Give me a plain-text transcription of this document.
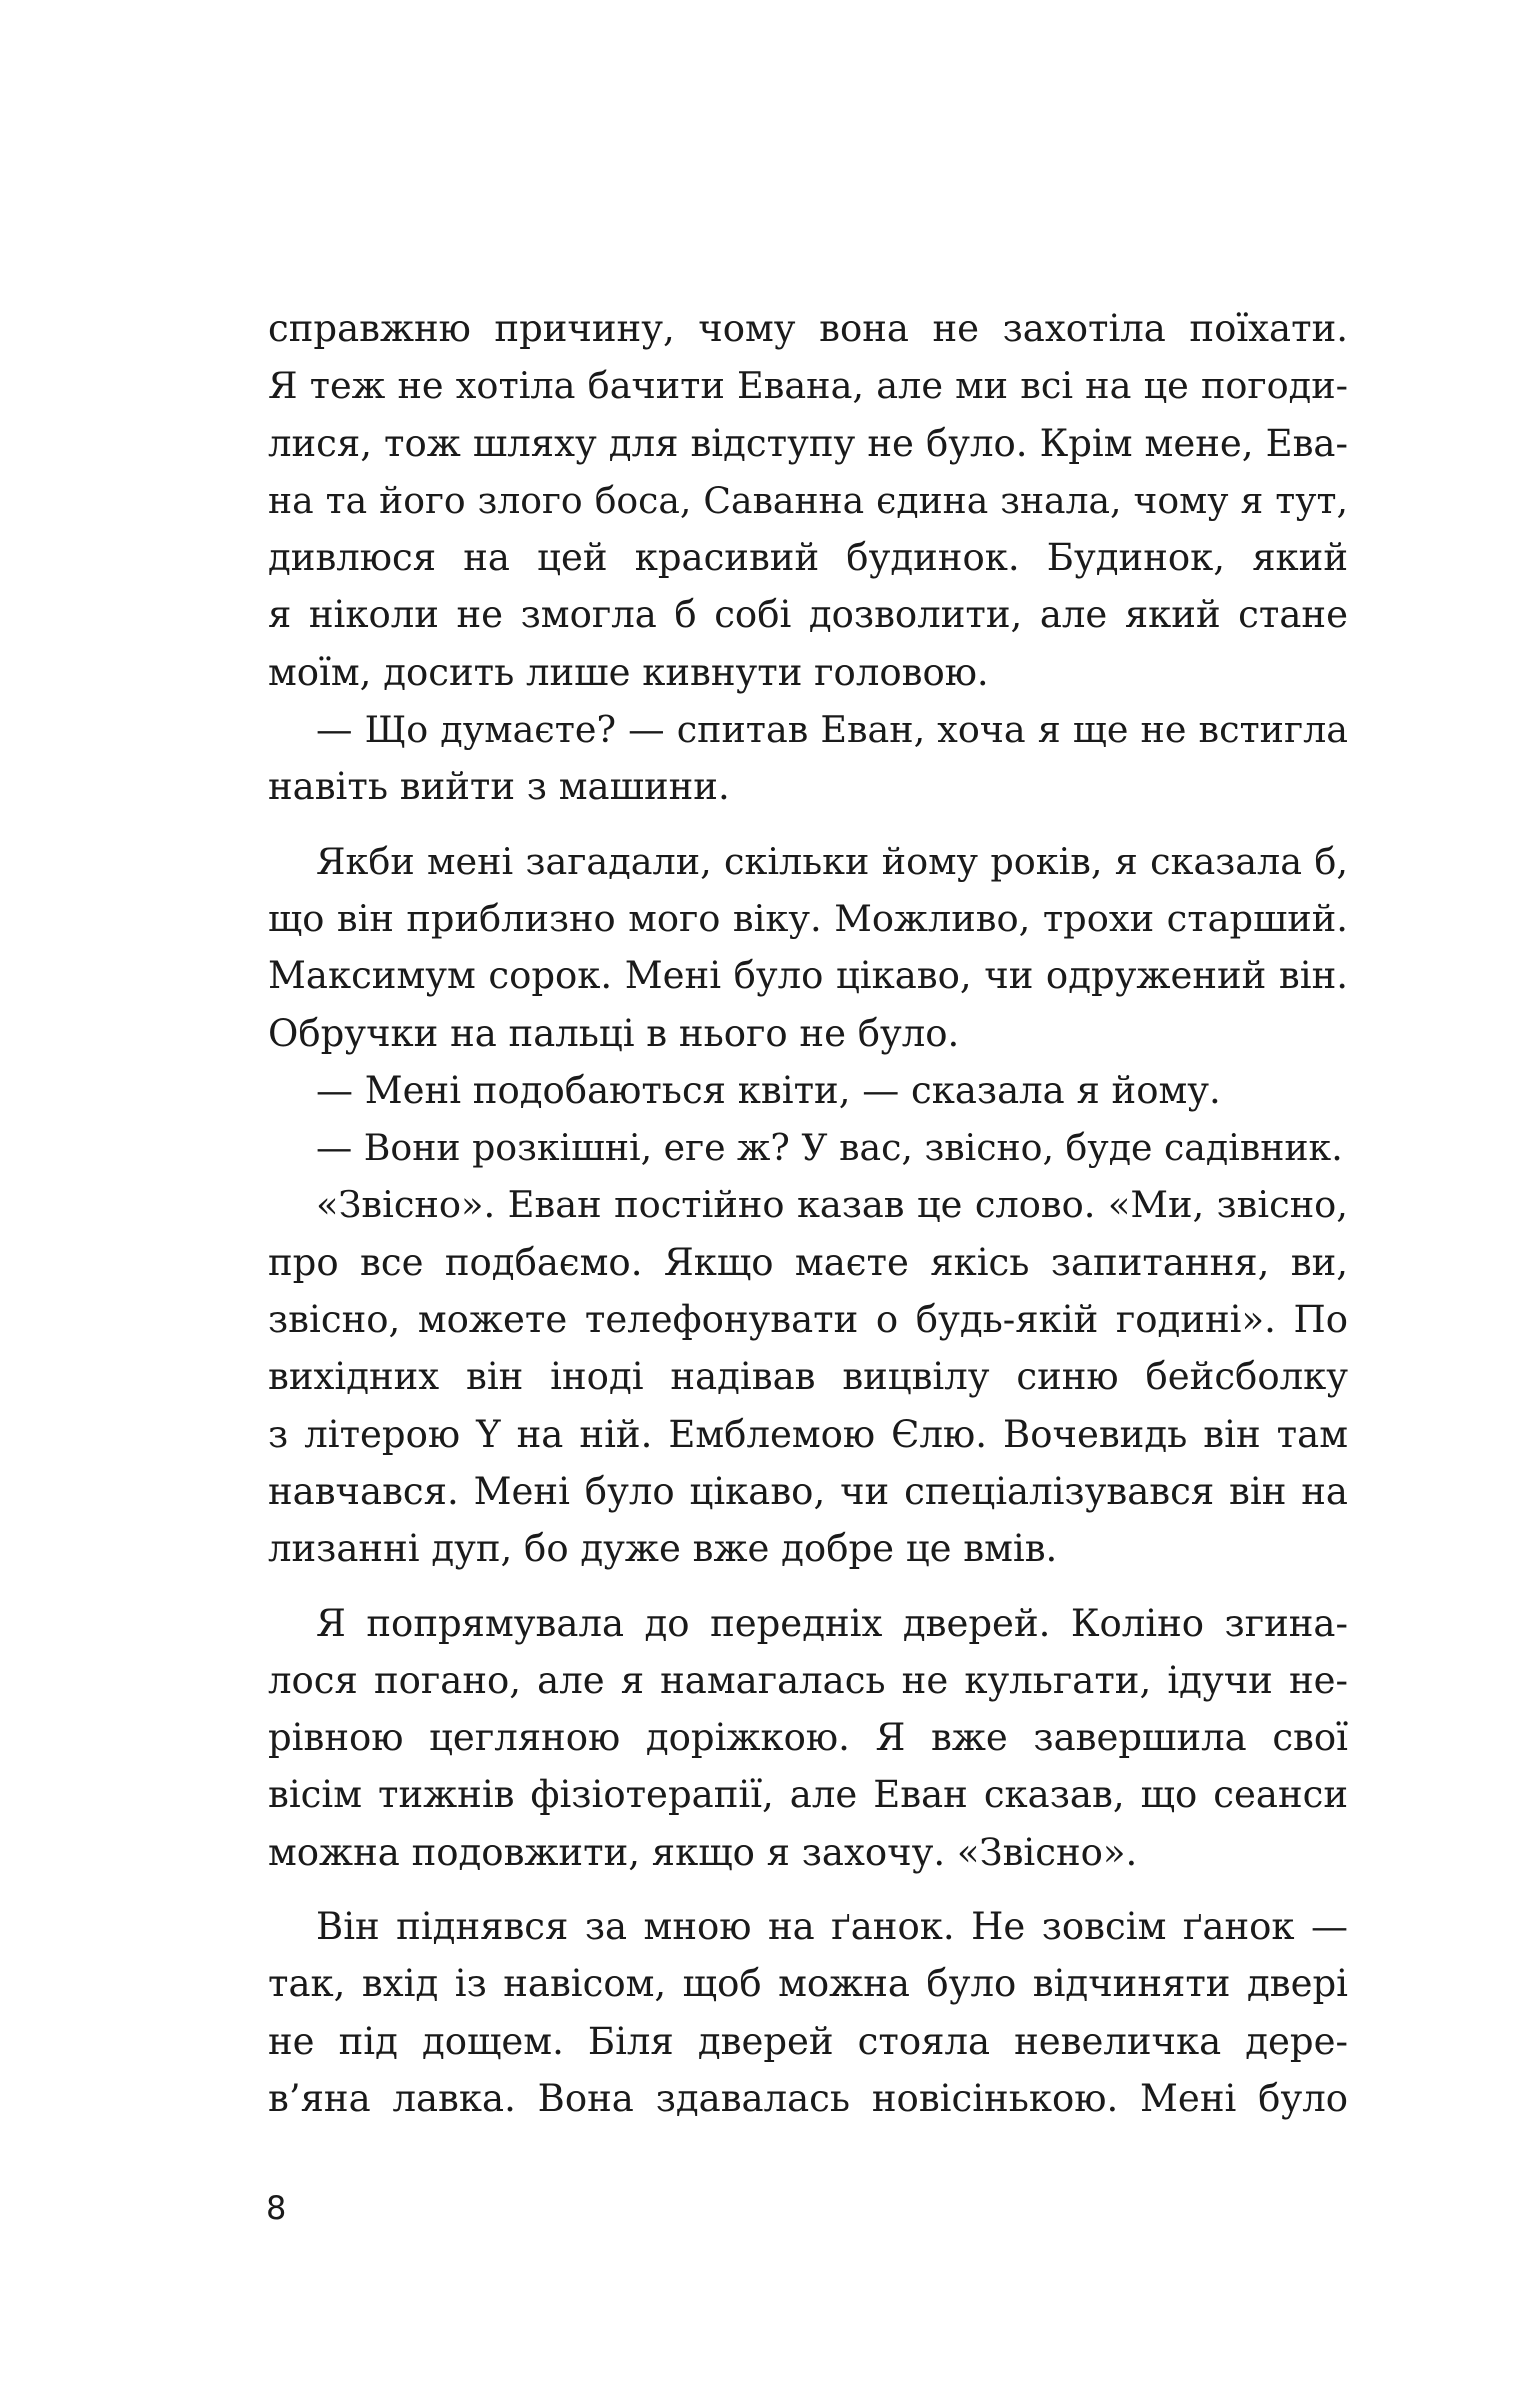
справжню причину, чому вона не захотіла поїхати.
Я теж не хотіла бачити Евана, але ми всі на це погоди-
лися, тож шляху для відступу не було. Крім мене, Ева-
на та його злого боса, Саванна єдина знала, чому я тут,
дивлюся на цей красивий будинок. Будинок, який
я ніколи не змогла б собі дозволити, але який стане
моїм, досить лише кивнути головою.
— Що думаєте? — спитав Еван, хоча я ще не встигла
навіть вийти з машини.
Якби мені загадали, скільки йому років, я сказала б,
що він приблизно мого віку. Можливо, трохи старший.
Максимум сорок. Мені було цікаво, чи одружений він.
Обручки на пальці в нього не було.
— Мені подобаються квіти, — сказала я йому.
— Вони розкішні, еге ж? У вас, звісно, буде садівник.
«Звісно». Еван постійно казав це слово. «Ми, звісно,
про все подбаємо. Якщо маєте якісь запитання, ви,
звісно, можете телефонувати о будь-якій годині». По
вихідних він іноді надівав вицвілу синю бейсболку
з літерою Y на ній. Емблемою Єлю. Вочевидь він там
навчався. Мені було цікаво, чи спеціалізувався він на
лизанні дуп, бо дуже вже добре це вмів.
Я попрямувала до передніх дверей. Коліно згина-
лося погано, але я намагалась не кульгати, ідучи не-
рівною цегляною доріжкою. Я вже завершила свої
вісім тижнів фізіотерапії, але Еван сказав, що сеанси
можна подовжити, якщо я захочу. «Звісно».
Він піднявся за мною на ґанок. Не зовсім ґанок —
так, вхід із навісом, щоб можна було відчиняти двері
не під дощем. Біля дверей стояла невеличка дере-
в’яна лавка. Вона здавалась новісінькою. Мені було
8
